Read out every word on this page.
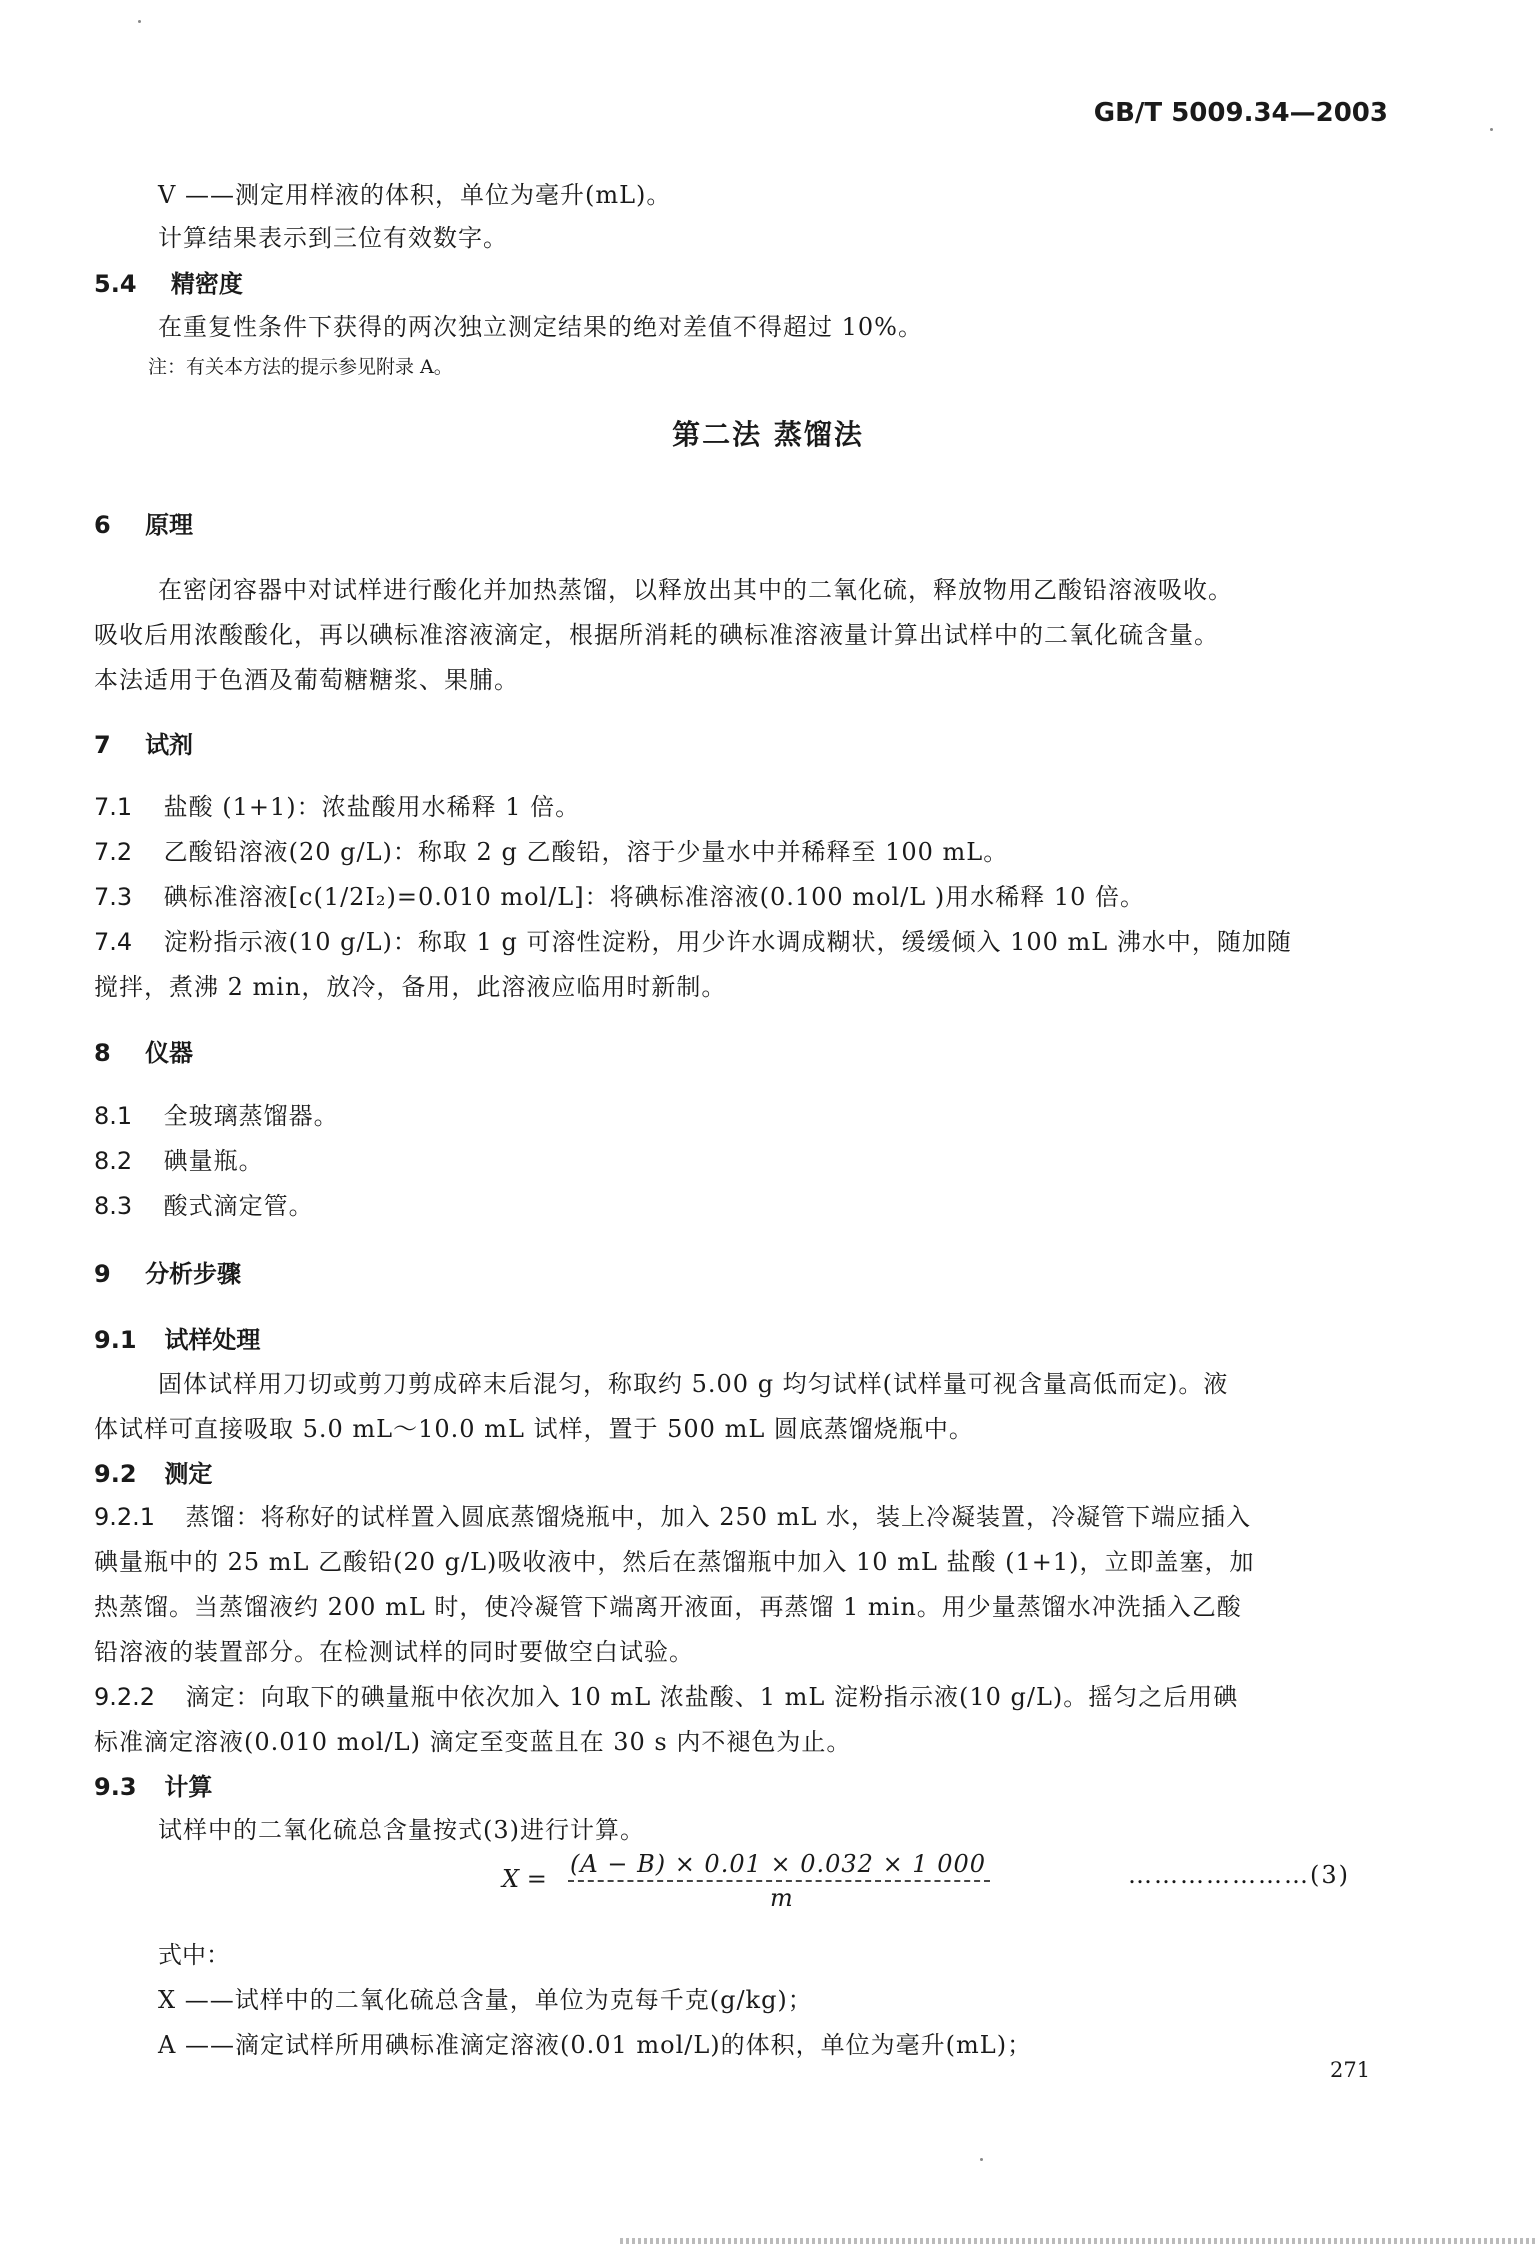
GB/T 5009.34—2003
V ——测定用样液的体积，单位为毫升(mL)。
计算结果表示到三位有效数字。
5.4 精密度
在重复性条件下获得的两次独立测定结果的绝对差值不得超过 10%。
注：有关本方法的提示参见附录 A。
第二法 蒸馏法
6 原理
在密闭容器中对试样进行酸化并加热蒸馏，以释放出其中的二氧化硫，释放物用乙酸铅溶液吸收。
吸收后用浓酸酸化，再以碘标准溶液滴定，根据所消耗的碘标准溶液量计算出试样中的二氧化硫含量。
本法适用于色酒及葡萄糖糖浆、果脯。
7 试剂
7.1 盐酸 (1+1)：浓盐酸用水稀释 1 倍。
7.2 乙酸铅溶液(20 g/L)：称取 2 g 乙酸铅，溶于少量水中并稀释至 100 mL。
7.3 碘标准溶液[c(1/2I₂)=0.010 mol/L]：将碘标准溶液(0.100 mol/L )用水稀释 10 倍。
7.4 淀粉指示液(10 g/L)：称取 1 g 可溶性淀粉，用少许水调成糊状，缓缓倾入 100 mL 沸水中，随加随
搅拌，煮沸 2 min，放冷，备用，此溶液应临用时新制。
8 仪器
8.1 全玻璃蒸馏器。
8.2 碘量瓶。
8.3 酸式滴定管。
9 分析步骤
9.1 试样处理
固体试样用刀切或剪刀剪成碎末后混匀，称取约 5.00 g 均匀试样(试样量可视含量高低而定)。液
体试样可直接吸取 5.0 mL～10.0 mL 试样，置于 500 mL 圆底蒸馏烧瓶中。
9.2 测定
9.2.1 蒸馏：将称好的试样置入圆底蒸馏烧瓶中，加入 250 mL 水，装上冷凝装置，冷凝管下端应插入
碘量瓶中的 25 mL 乙酸铅(20 g/L)吸收液中，然后在蒸馏瓶中加入 10 mL 盐酸 (1+1)，立即盖塞，加
热蒸馏。当蒸馏液约 200 mL 时，使冷凝管下端离开液面，再蒸馏 1 min。用少量蒸馏水冲洗插入乙酸
铅溶液的装置部分。在检测试样的同时要做空白试验。
9.2.2 滴定：向取下的碘量瓶中依次加入 10 mL 浓盐酸、1 mL 淀粉指示液(10 g/L)。摇匀之后用碘
标准滴定溶液(0.010 mol/L) 滴定至变蓝且在 30 s 内不褪色为止。
9.3 计算
试样中的二氧化硫总含量按式(3)进行计算。
X =
(A − B) × 0.01 × 0.032 × 1 000
m
…………………(3)
式中：
X ——试样中的二氧化硫总含量，单位为克每千克(g/kg)；
A ——滴定试样所用碘标准滴定溶液(0.01 mol/L)的体积，单位为毫升(mL)；
271
